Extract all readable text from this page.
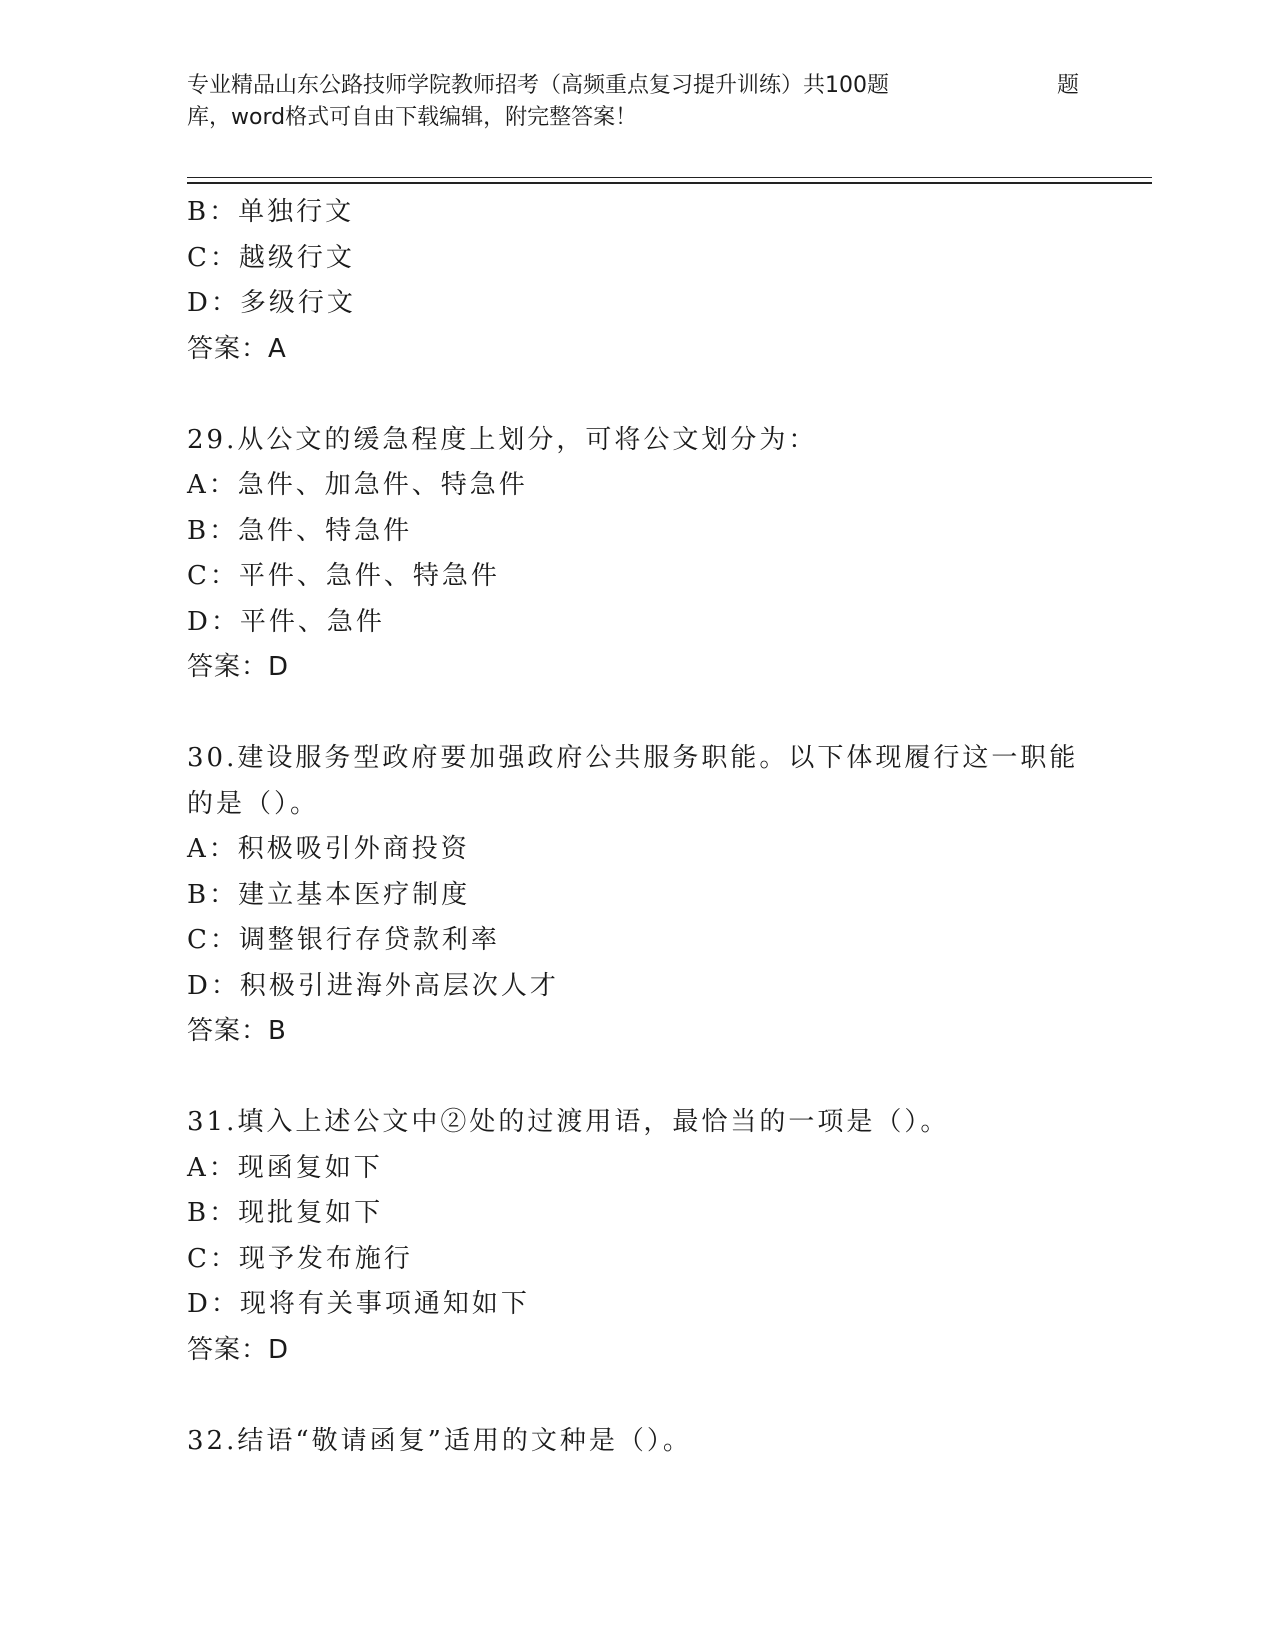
专业精品山东公路技师学院教师招考（高频重点复习提升训练）共100题	题
库，word格式可自由下载编辑，附完整答案！
B：单独行文
C：越级行文
D：多级行文
答案：A
29.从公文的缓急程度上划分，可将公文划分为：
A：急件、加急件、特急件
B：急件、特急件
C：平件、急件、特急件
D：平件、急件
答案：D
30.建设服务型政府要加强政府公共服务职能。以下体现履行这一职能
的是（）。
A：积极吸引外商投资
B：建立基本医疗制度
C：调整银行存贷款利率
D：积极引进海外高层次人才
答案：B
31.填入上述公文中②处的过渡用语，最恰当的一项是（）。
A：现函复如下
B：现批复如下
C：现予发布施行
D：现将有关事项通知如下
答案：D
32.结语“敬请函复”适用的文种是（）。
